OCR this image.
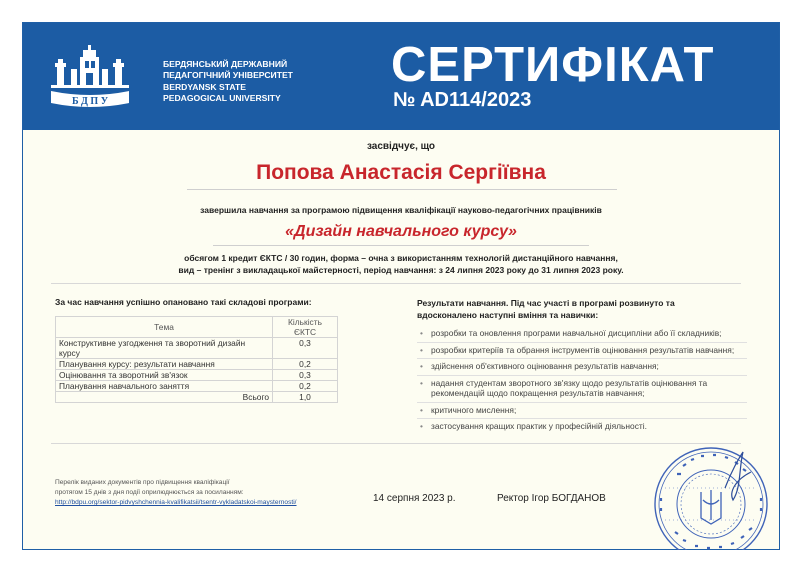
Б Д П У
БЕРДЯНСЬКИЙ ДЕРЖАВНИЙ
ПЕДАГОГІЧНИЙ УНІВЕРСИТЕТ
BERDYANSK STATE
PEDAGOGICAL UNIVERSITY
СЕРТИФІКАТ
№ AD114/2023
засвідчує, що
Попова Анастасія Сергіївна
завершила навчання за програмою підвищення кваліфікації науково-педагогічних працівників
«Дизайн навчального курсу»
обсягом 1 кредит ЄКТС / 30 годин, форма – очна з використанням технологій дистанційного навчання,
вид – тренінг з викладацької майстерності, період навчання: з 24 липня 2023 року до 31 липня 2023 року.
За час навчання успішно опановано такі складові програми:
Тема	Кількість
ЄКТС

Конструктивне узгодження та зворотний дизайн
курсу	0,3
Планування курсу: результати навчання	0,2
Оцінювання та зворотний зв'язок	0,3
Планування навчального заняття	0,2
Всього	1,0
Результати навчання. Під час участі в програмі розвинуто та
вдосконалено наступні вміння та навички:
• розробки та оновлення програми навчальної дисципліни або її складників;
• розробки критеріїв та обрання інструментів оцінювання результатів навчання;
• здійснення об'єктивного оцінювання результатів навчання;
• надання студентам зворотного зв'язку щодо результатів оцінювання та рекомендацій щодо покращення результатів навчання;
• критичного мислення;
• застосування кращих практик у професійній діяльності.
Перелік виданих документів про підвищення кваліфікації
протягом 15 днів з дня події оприлюднюється за посиланням:
http://bdpu.org/sektor-pidvyshchennia-kvalifikatsii/tsentr-vykladatskoi-maysternosti/	14 серпня 2023 р.	Ректор Ігор БОГДАНОВ
